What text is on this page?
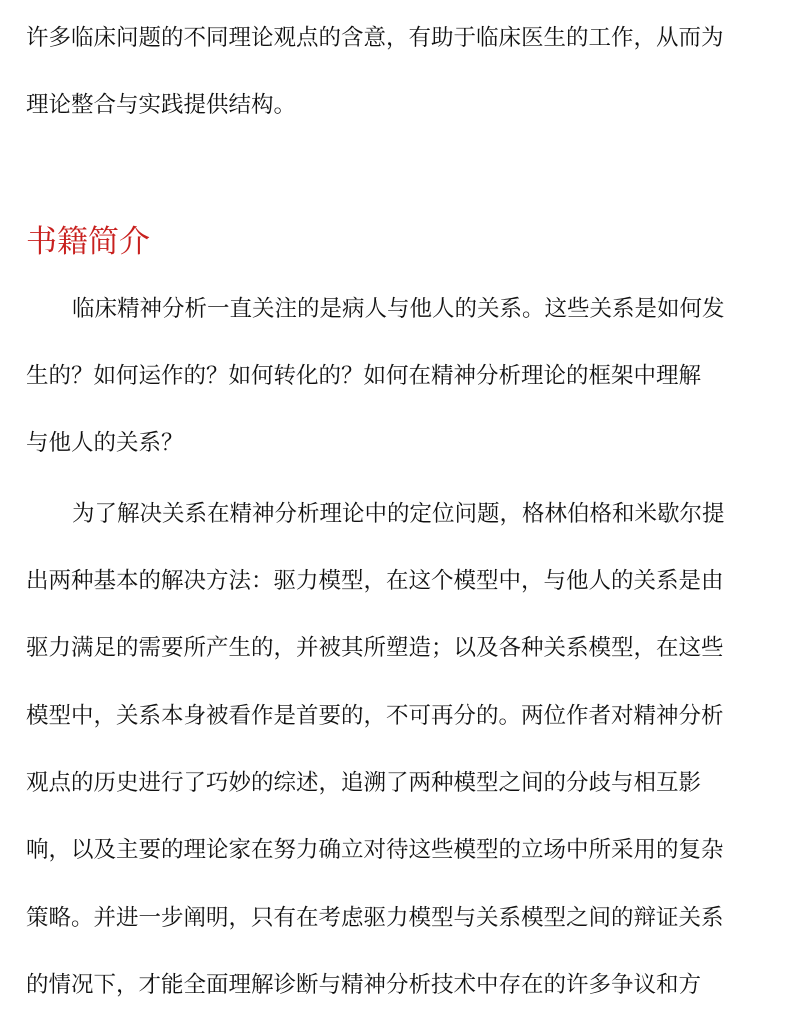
许多临床问题的不同理论观点的含意，有助于临床医生的工作，从而为
理论整合与实践提供结构。
书籍简介
临床精神分析一直关注的是病人与他人的关系。这些关系是如何发
生的？如何运作的？如何转化的？如何在精神分析理论的框架中理解
与他人的关系？
为了解决关系在精神分析理论中的定位问题，格林伯格和米歇尔提
出两种基本的解决方法：驱力模型，在这个模型中，与他人的关系是由
驱力满足的需要所产生的，并被其所塑造；以及各种关系模型，在这些
模型中，关系本身被看作是首要的，不可再分的。两位作者对精神分析
观点的历史进行了巧妙的综述，追溯了两种模型之间的分歧与相互影
响，以及主要的理论家在努力确立对待这些模型的立场中所采用的复杂
策略。并进一步阐明，只有在考虑驱力模型与关系模型之间的辩证关系
的情况下，才能全面理解诊断与精神分析技术中存在的许多争议和方
